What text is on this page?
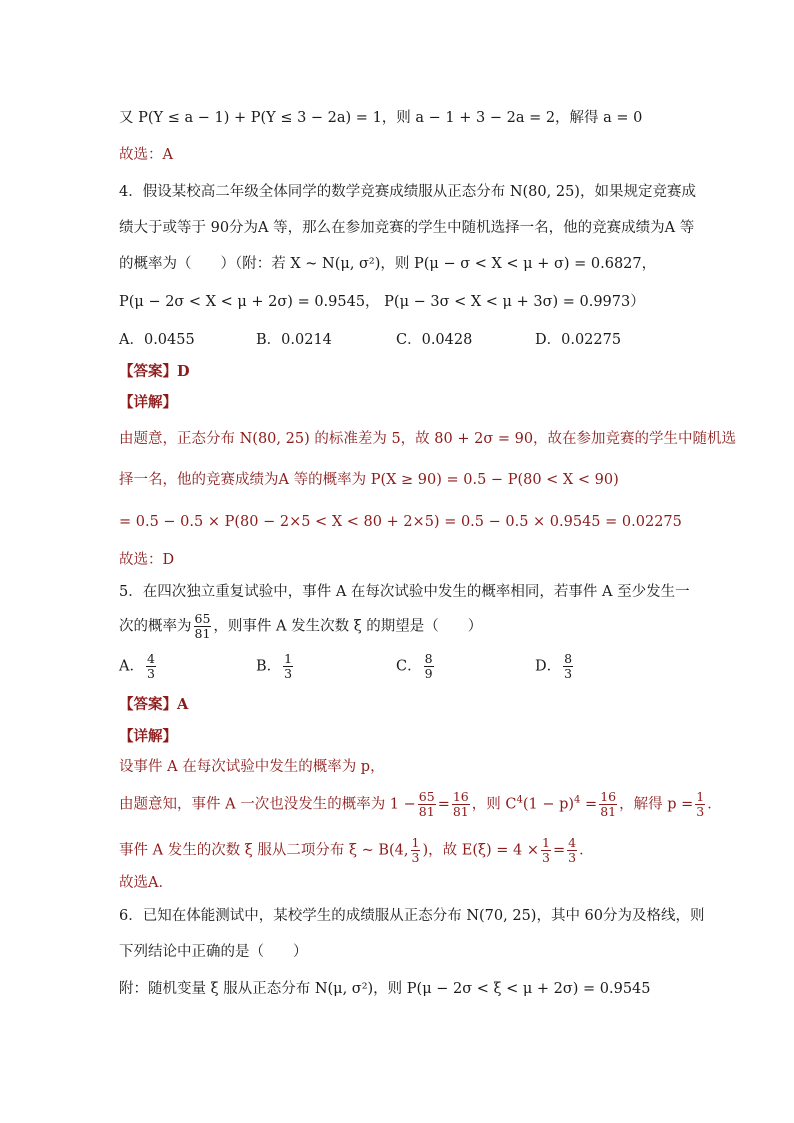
又 P(Y ≤ a − 1) + P(Y ≤ 3 − 2a) = 1，则 a − 1 + 3 − 2a = 2，解得 a = 0
故选：A
4．假设某校高二年级全体同学的数学竞赛成绩服从正态分布 N(80, 25)，如果规定竞赛成
绩大于或等于 90分为A 等，那么在参加竞赛的学生中随机选择一名，他的竞赛成绩为A 等
的概率为（　　）（附：若 X ~ N(μ, σ²)，则 P(μ − σ < X < μ + σ) = 0.6827，
P(μ − 2σ < X < μ + 2σ) = 0.9545， P(μ − 3σ < X < μ + 3σ) = 0.9973）
A．0.0455	B．0.0214	C．0.0428	D．0.02275
【答案】D
【详解】
由题意，正态分布 N(80, 25) 的标准差为 5，故 80 + 2σ = 90，故在参加竞赛的学生中随机选
择一名，他的竞赛成绩为A 等的概率为 P(X ≥ 90) = 0.5 − P(80 < X < 90)
= 0.5 − 0.5 × P(80 − 2×5 < X < 80 + 2×5) = 0.5 − 0.5 × 0.9545 = 0.02275
故选：D
5．在四次独立重复试验中，事件 A 在每次试验中发生的概率相同，若事件 A 至少发生一
次的概率为 $\frac{65}{81}$ ，则事件 A 发生次数 ξ 的期望是（　　）
A． $\frac{4}{3}$	B． $\frac{1}{3}$	C． $\frac{8}{9}$	D． $\frac{8}{3}$
【答案】A
【详解】
设事件 A 在每次试验中发生的概率为 p，
由题意知，事件 A 一次也没发生的概率为 $1 - \frac{65}{81} = \frac{16}{81}$ ，则 $C^4(1 - p)^4 = \frac{16}{81}$ ，解得 $p = \frac{1}{3}$ ．
事件 A 发生的次数 ξ 服从二项分布 ξ ~ B(4, $\frac{1}{3}$ )，故 $E(\xi) = 4 \times \frac{1}{3} = \frac{4}{3}$ ．
故选A．
6．已知在体能测试中，某校学生的成绩服从正态分布 N(70, 25)，其中 60分为及格线，则
下列结论中正确的是（　　）
附：随机变量 ξ 服从正态分布 N(μ, σ²)，则 P(μ − 2σ < ξ < μ + 2σ) = 0.9545
